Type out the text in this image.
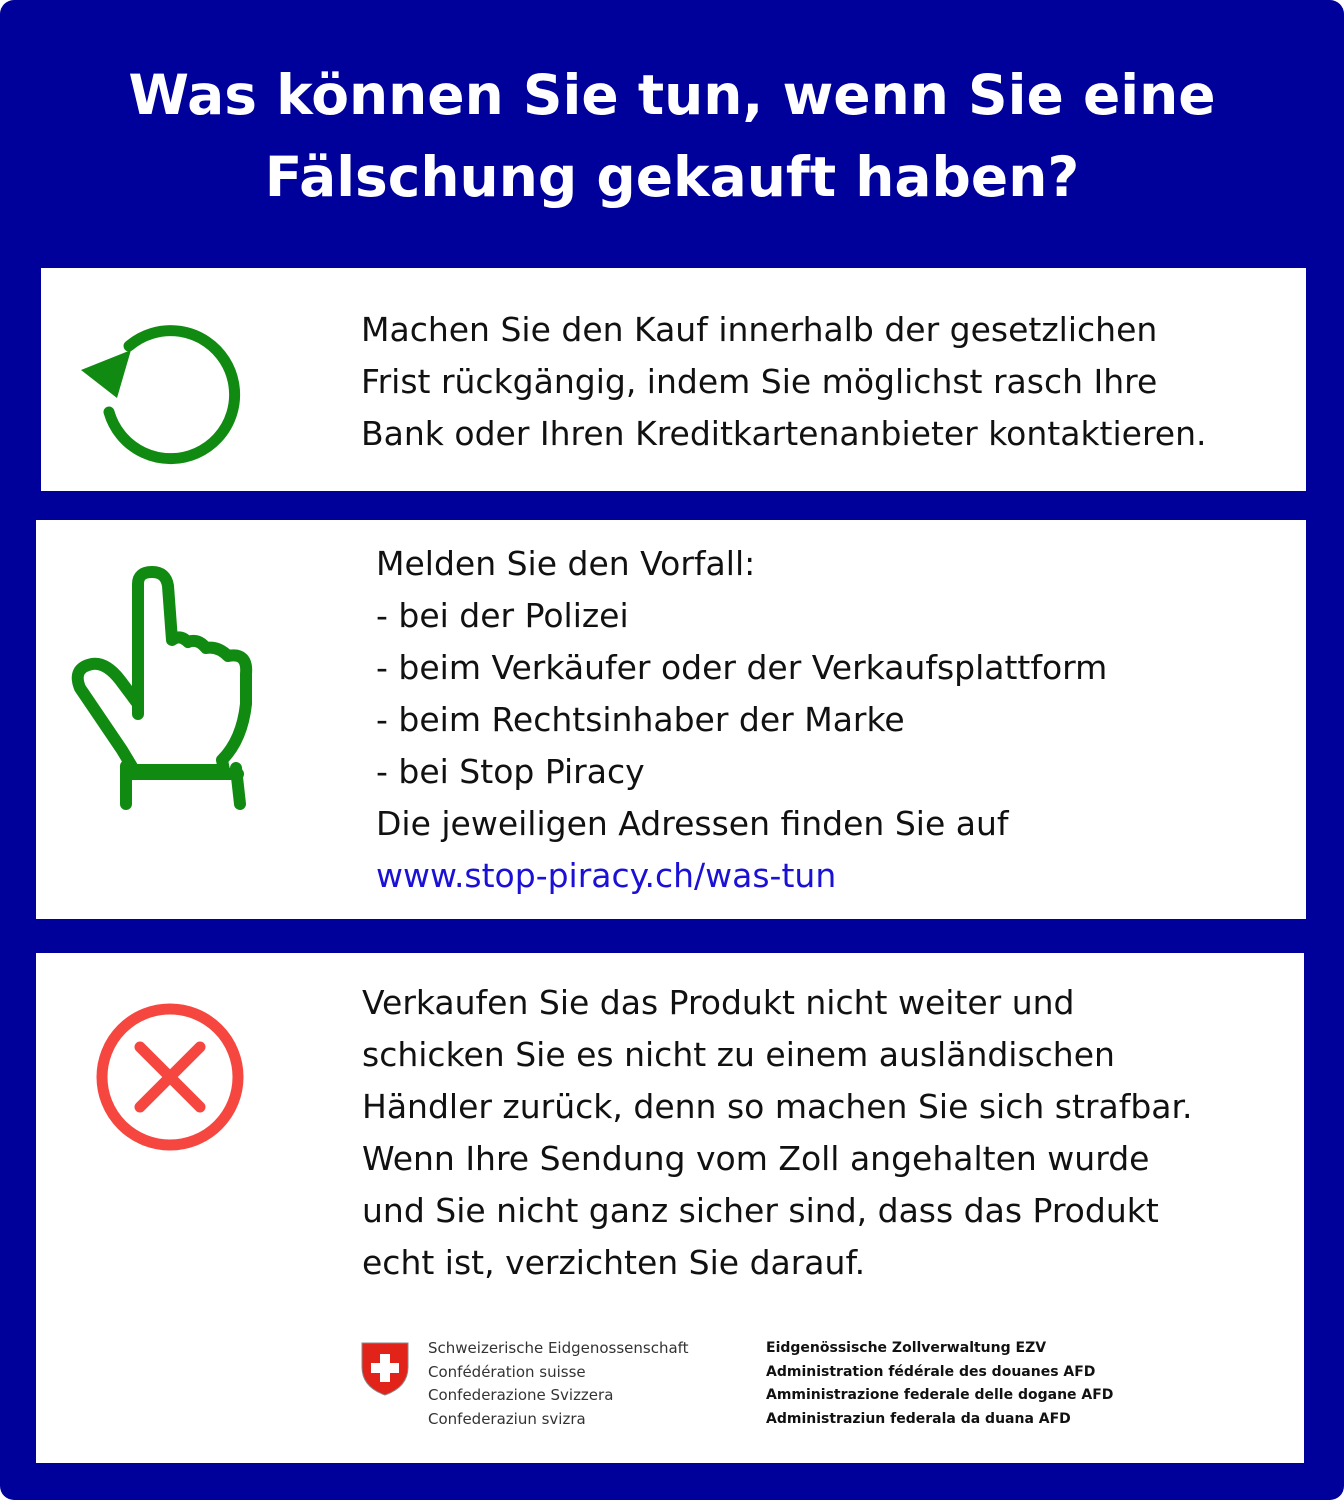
Was können Sie tun, wenn Sie eine
Fälschung gekauft haben?
Machen Sie den Kauf innerhalb der gesetzlichen
Frist rückgängig, indem Sie möglichst rasch Ihre
Bank oder Ihren Kreditkartenanbieter kontaktieren.
Melden Sie den Vorfall:
- bei der Polizei
- beim Verkäufer oder der Verkaufsplattform
- beim Rechtsinhaber der Marke
- bei Stop Piracy
Die jeweiligen Adressen finden Sie auf
www.stop-piracy.ch/was-tun
Verkaufen Sie das Produkt nicht weiter und
schicken Sie es nicht zu einem ausländischen
Händler zurück, denn so machen Sie sich strafbar.
Wenn Ihre Sendung vom Zoll angehalten wurde
und Sie nicht ganz sicher sind, dass das Produkt
echt ist, verzichten Sie darauf.
Schweizerische Eidgenossenschaft
Confédération suisse
Confederazione Svizzera
Confederaziun svizra
Eidgenössische Zollverwaltung EZV
Administration fédérale des douanes AFD
Amministrazione federale delle dogane AFD
Administraziun federala da duana AFD
